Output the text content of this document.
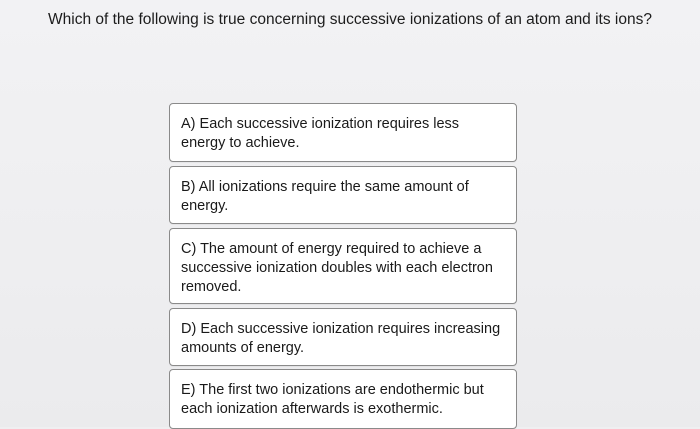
Which of the following is true concerning successive ionizations of an atom and its ions?
A) Each successive ionization requires less energy to achieve.
B) All ionizations require the same amount of energy.
C) The amount of energy required to achieve a successive ionization doubles with each electron removed.
D) Each successive ionization requires increasing amounts of energy.
E) The first two ionizations are endothermic but each ionization afterwards is exothermic.
